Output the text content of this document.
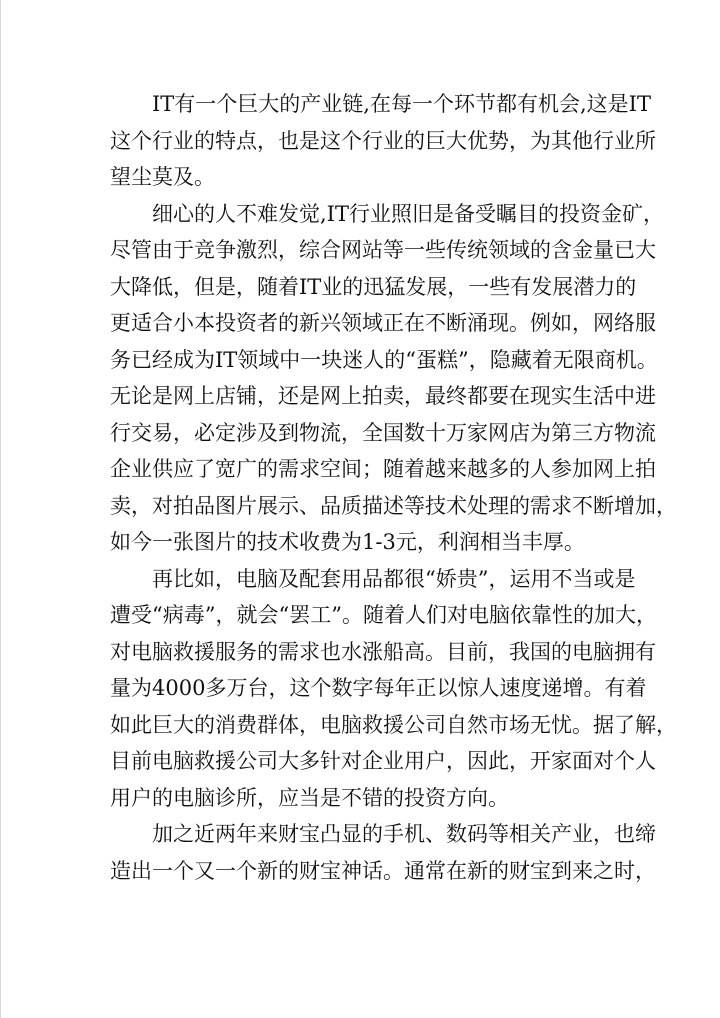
IT有一个巨大的产业链,在每一个环节都有机会,这是IT
这个行业的特点，也是这个行业的巨大优势，为其他行业所
望尘莫及。
细心的人不难发觉,IT行业照旧是备受瞩目的投资金矿，
尽管由于竞争激烈，综合网站等一些传统领域的含金量已大
大降低，但是，随着IT业的迅猛发展，一些有发展潜力的
更适合小本投资者的新兴领域正在不断涌现。例如，网络服
务已经成为IT领域中一块迷人的“蛋糕”，隐藏着无限商机。
无论是网上店铺，还是网上拍卖，最终都要在现实生活中进
行交易，必定涉及到物流，全国数十万家网店为第三方物流
企业供应了宽广的需求空间；随着越来越多的人参加网上拍
卖，对拍品图片展示、品质描述等技术处理的需求不断增加，
如今一张图片的技术收费为1-3元，利润相当丰厚。
再比如，电脑及配套用品都很“娇贵”，运用不当或是
遭受“病毒”，就会“罢工”。随着人们对电脑依靠性的加大，
对电脑救援服务的需求也水涨船高。目前，我国的电脑拥有
量为4000多万台，这个数字每年正以惊人速度递增。有着
如此巨大的消费群体，电脑救援公司自然市场无忧。据了解，
目前电脑救援公司大多针对企业用户，因此，开家面对个人
用户的电脑诊所，应当是不错的投资方向。
加之近两年来财宝凸显的手机、数码等相关产业，也缔
造出一个又一个新的财宝神话。通常在新的财宝到来之时，
